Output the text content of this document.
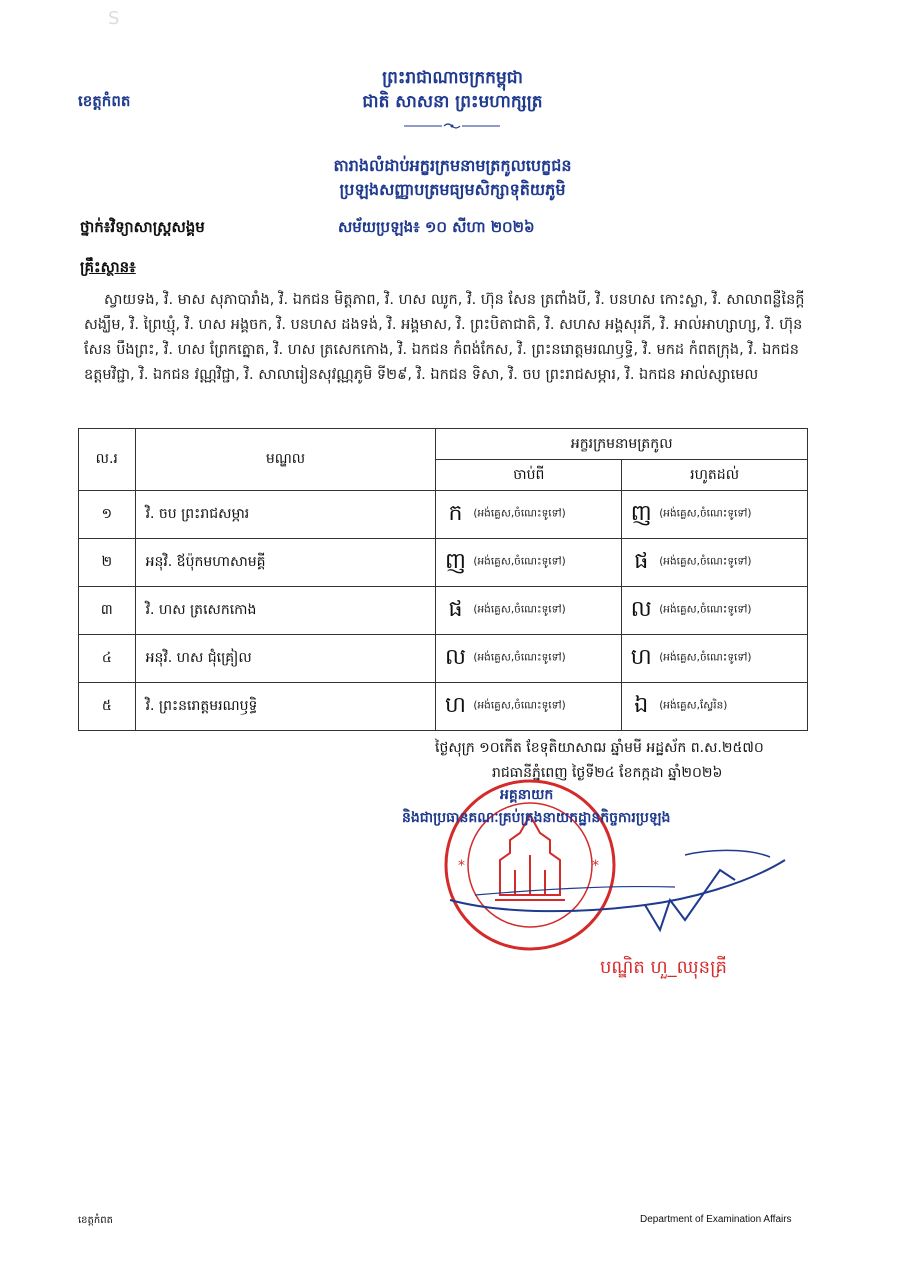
S
ព្រះរាជាណាចក្រកម្ពុជា
ជាតិ សាសនា ព្រះមហាក្សត្រ
ខេត្តកំពត
តារាងលំដាប់អក្ខរក្រមនាមត្រកូលបេក្ខជន
ប្រឡងសញ្ញាបត្រមធ្យមសិក្សាទុតិយភូមិ
ថ្នាក់៖វិទ្យាសាស្ត្រសង្គម	សម័យប្រឡង៖ ១០ សីហា ២០២៦
គ្រឹះស្ថាន៖
ស្វាយទង, វិ. មាស សុភាបារាំង, វិ. ឯកជន មិត្តភាព, វិ. ហស ឈូក, វិ. ហ៊ុន សែន ត្រពាំងបី, វិ. បនហស កោះស្លា, វិ. សាលាពន្លឺនៃក្តីសង្ឃឹម, វិ. ព្រៃឃ្មុំ, វិ. ហស អង្គចក, វិ. បនហស ដងទង់, វិ. អង្គមាស, វិ. ព្រះបិតាជាតិ, វិ. សហស អង្គសុរភី, វិ. អាល់អាហ្សាហ្ស, វិ. ហ៊ុន សែន បឹងព្រះ, វិ. ហស ព្រែកត្នោត, វិ. ហស ត្រសេកកោង, វិ. ឯកជន កំពង់កែស, វិ. ព្រះនរោត្តមរណឫទ្ធិ, វិ. មកដ កំពតក្រុង, វិ. ឯកជន ឧត្តមវិជ្ជា, វិ. ឯកជន វណ្ណវិជ្ជា, វិ. សាលារៀនសុវណ្ណភូមិ ទី២៩, វិ. ឯកជន ទិសា, វិ. ចប ព្រះរាជសម្ភារ, វិ. ឯកជន អាល់ស្សាមេល
ល.រ	មណ្ឌល	អក្ខរក្រមនាមត្រកូល	
		ចាប់ពី	រហូតដល់
១	វិ. ចប ព្រះរាជសម្ភារ	ក (អង់គ្លេស,ចំណេះទូទៅ)	ញ (អង់គ្លេស,ចំណេះទូទៅ)
២	អនុវិ. ឪប៉ុកមហាសាមគ្គី	ញ (អង់គ្លេស,ចំណេះទូទៅ)	ផ (អង់គ្លេស,ចំណេះទូទៅ)
៣	វិ. ហស ត្រសេកកោង	ផ (អង់គ្លេស,ចំណេះទូទៅ)	ល (អង់គ្លេស,ចំណេះទូទៅ)
៤	អនុវិ. ហស ជុំគ្រៀល	ល (អង់គ្លេស,ចំណេះទូទៅ)	ហ (អង់គ្លេស,ចំណេះទូទៅ)
៥	វិ. ព្រះនរោត្តមរណឫទ្ធិ	ហ (អង់គ្លេស,ចំណេះទូទៅ)	ឯ (អង់គ្លេស,ស្វែរិន)
ថ្ងៃសុក្រ ១០កើត ខែទុតិយាសាឍ ឆ្នាំមមី អដ្ឋស័ក ព.ស.២៥៧០
រាជធានីភ្នំពេញ ថ្ងៃទី២៤ ខែកក្កដា ឆ្នាំ២០២៦
*	*
អគ្គនាយក
និងជាប្រធានគណៈគ្រប់គ្រងនាយកដ្ឋានកិច្ចការប្រឡង
បណ្ឌិត ហួ_ឈុនគ្រី
ខេត្តកំពត	Department of Examination Affairs
